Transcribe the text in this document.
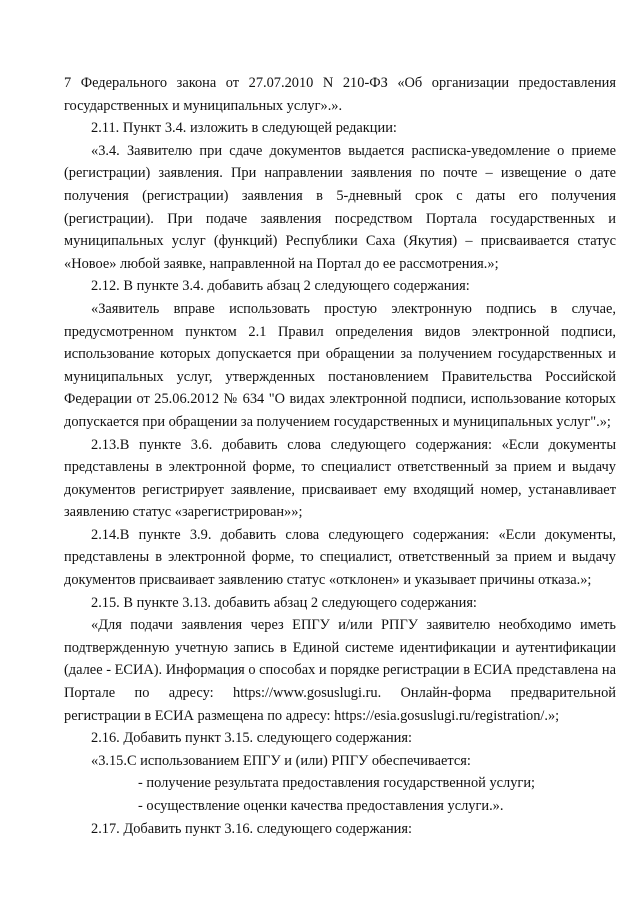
7 Федерального закона от 27.07.2010 N 210-ФЗ «Об организации предоставления государственных и муниципальных услуг».».

2.11. Пункт 3.4. изложить в следующей редакции:

«3.4. Заявителю при сдаче документов выдается расписка-уведомление о приеме (регистрации) заявления. При направлении заявления по почте – извещение о дате получения (регистрации) заявления в 5-дневный срок с даты его получения (регистрации). При подаче заявления посредством Портала государственных и муниципальных услуг (функций) Республики Саха (Якутия) – присваивается статус «Новое» любой заявке, направленной на Портал до ее рассмотрения.»;

2.12. В пункте 3.4. добавить абзац 2 следующего содержания:

«Заявитель вправе использовать простую электронную подпись в случае, предусмотренном пунктом 2.1 Правил определения видов электронной подписи, использование которых допускается при обращении за получением государственных и муниципальных услуг, утвержденных постановлением Правительства Российской Федерации от 25.06.2012 № 634 "О видах электронной подписи, использование которых допускается при обращении за получением государственных и муниципальных услуг".»;

2.13.В пункте 3.6. добавить слова следующего содержания: «Если документы представлены в электронной форме, то специалист ответственный за прием и выдачу документов регистрирует заявление, присваивает ему входящий номер, устанавливает заявлению статус «зарегистрирован»»;

2.14.В пункте 3.9. добавить слова следующего содержания: «Если документы, представлены в электронной форме, то специалист, ответственный за прием и выдачу документов присваивает заявлению статус «отклонен» и указывает причины отказа.»;

2.15. В пункте 3.13. добавить абзац 2 следующего содержания:

«Для подачи заявления через ЕПГУ и/или РПГУ заявителю необходимо иметь подтвержденную учетную запись в Единой системе идентификации и аутентификации (далее - ЕСИА). Информация о способах и порядке регистрации в ЕСИА представлена на Портале по адресу: https://www.gosuslugi.ru. Онлайн-форма предварительной регистрации в ЕСИА размещена по адресу: https://esia.gosuslugi.ru/registration/.»;

2.16. Добавить пункт 3.15. следующего содержания:

«3.15.С использованием ЕПГУ и (или) РПГУ обеспечивается:

- получение результата предоставления государственной услуги;

- осуществление оценки качества предоставления услуги.».

2.17. Добавить пункт 3.16. следующего содержания:
